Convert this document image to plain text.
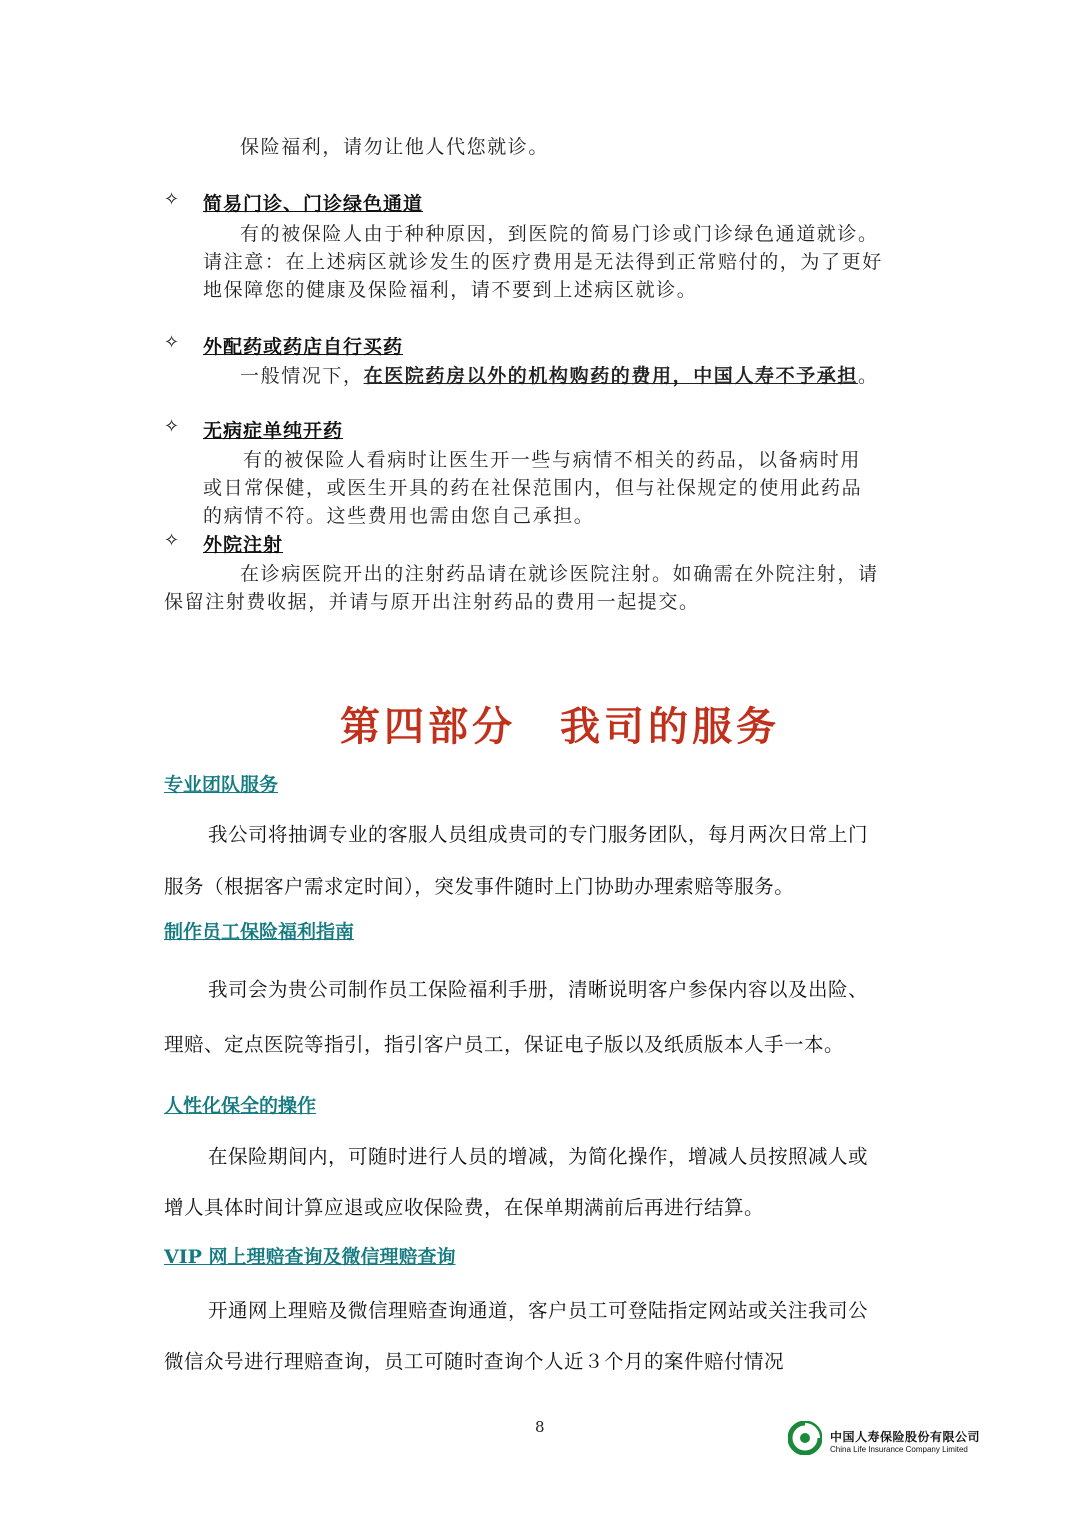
保险福利，请勿让他人代您就诊。
✧ 简易门诊、门诊绿色通道
有的被保险人由于种种原因，到医院的简易门诊或门诊绿色通道就诊。
请注意：在上述病区就诊发生的医疗费用是无法得到正常赔付的，为了更好
地保障您的健康及保险福利，请不要到上述病区就诊。
✧ 外配药或药店自行买药
一般情况下，在医院药房以外的机构购药的费用，中国人寿不予承担。
✧ 无病症单纯开药
有的被保险人看病时让医生开一些与病情不相关的药品，以备病时用
或日常保健，或医生开具的药在社保范围内，但与社保规定的使用此药品
的病情不符。这些费用也需由您自己承担。
✧ 外院注射
在诊病医院开出的注射药品请在就诊医院注射。如确需在外院注射，请
保留注射费收据，并请与原开出注射药品的费用一起提交。
第四部分　我司的服务
专业团队服务
我公司将抽调专业的客服人员组成贵司的专门服务团队，每月两次日常上门
服务（根据客户需求定时间），突发事件随时上门协助办理索赔等服务。
制作员工保险福利指南
我司会为贵公司制作员工保险福利手册，清晰说明客户参保内容以及出险、
理赔、定点医院等指引，指引客户员工，保证电子版以及纸质版本人手一本。
人性化保全的操作
在保险期间内，可随时进行人员的增减，为简化操作，增减人员按照减人或
增人具体时间计算应退或应收保险费，在保单期满前后再进行结算。
VIP 网上理赔查询及微信理赔查询
开通网上理赔及微信理赔查询通道，客户员工可登陆指定网站或关注我司公
微信众号进行理赔查询，员工可随时查询个人近３个月的案件赔付情况
8
中国人寿保险股份有限公司
China Life Insurance Company Limited
